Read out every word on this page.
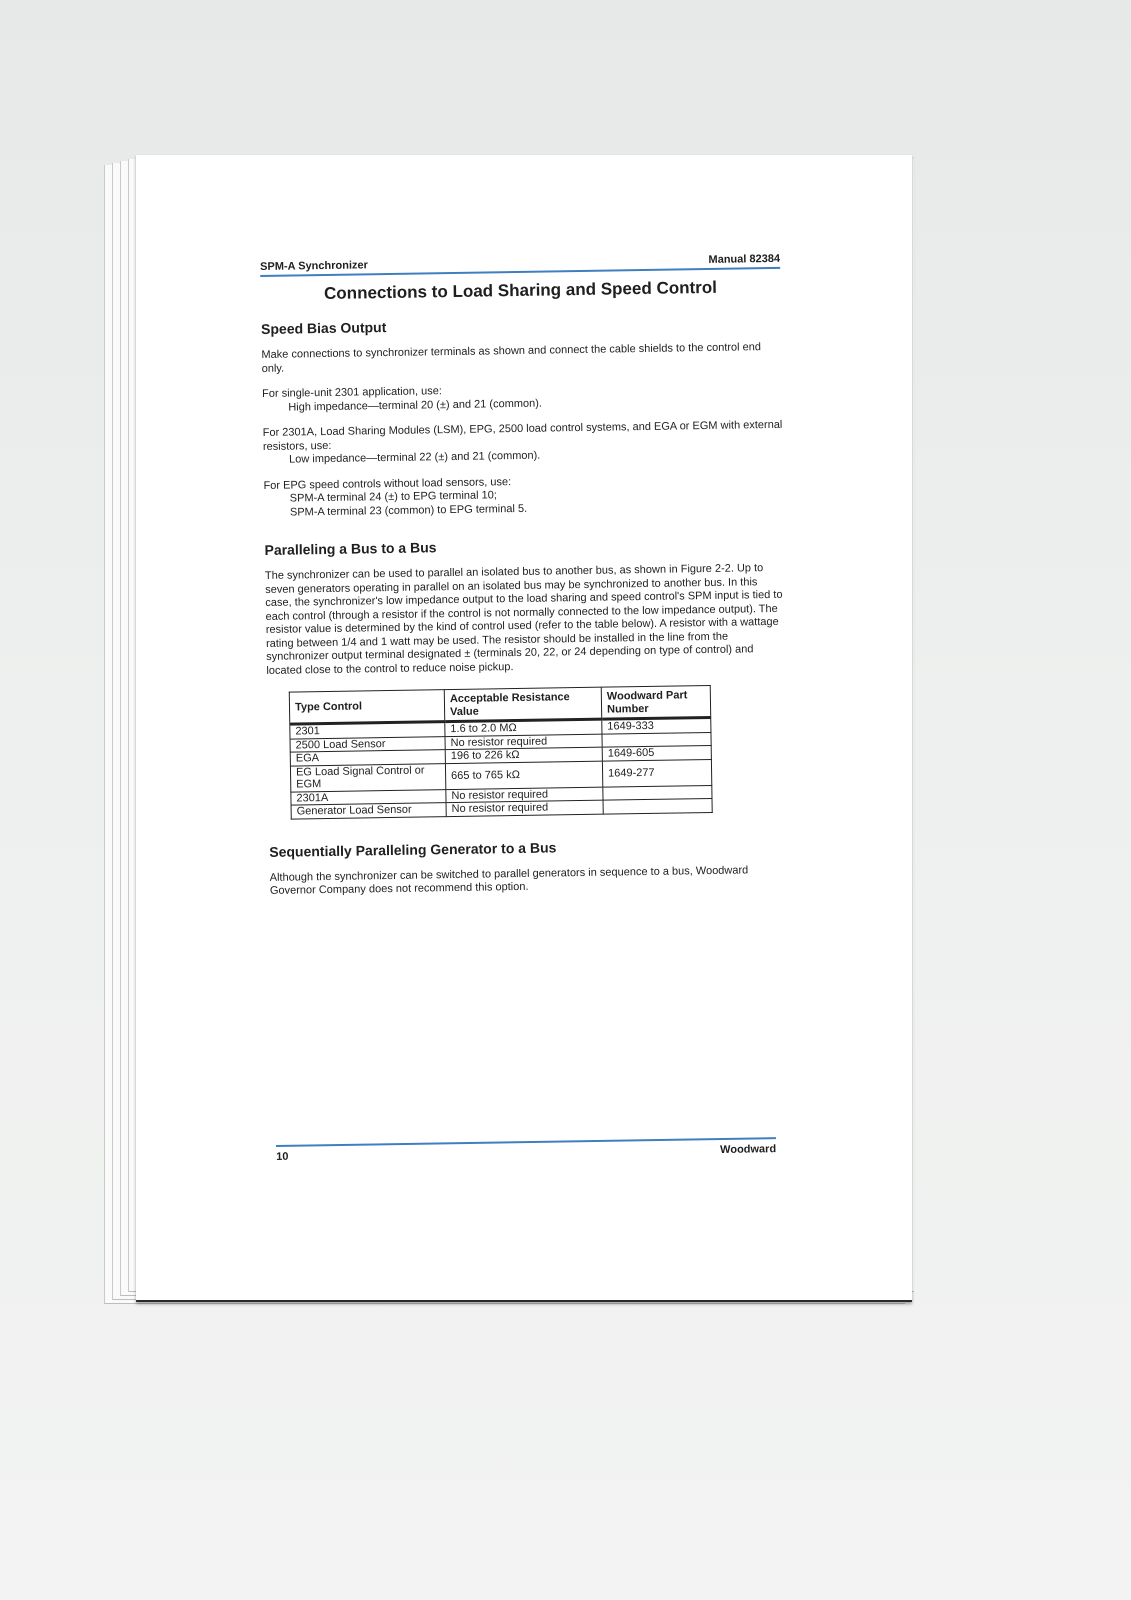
SPM-A Synchronizer	Manual 82384
Connections to Load Sharing and Speed Control
Speed Bias Output

Make connections to synchronizer terminals as shown and connect the cable shields to the control end only.

For single-unit 2301 application, use:
High impedance—terminal 20 (±) and 21 (common).

For 2301A, Load Sharing Modules (LSM), EPG, 2500 load control systems, and EGA or EGM with external resistors, use:
Low impedance—terminal 22 (±) and 21 (common).

For EPG speed controls without load sensors, use:
SPM-A terminal 24 (±) to EPG terminal 10;
SPM-A terminal 23 (common) to EPG terminal 5.

Paralleling a Bus to a Bus

The synchronizer can be used to parallel an isolated bus to another bus, as shown in Figure 2-2. Up to seven generators operating in parallel on an isolated bus may be synchronized to another bus. In this case, the synchronizer's low impedance output to the load sharing and speed control's SPM input is tied to each control (through a resistor if the control is not normally connected to the low impedance output). The resistor value is determined by the kind of control used (refer to the table below). A resistor with a wattage rating between 1/4 and 1 watt may be used. The resistor should be installed in the line from the synchronizer output terminal designated ± (terminals 20, 22, or 24 depending on type of control) and located close to the control to reduce noise pickup.

Type Control	Acceptable Resistance Value	Woodward Part Number
2301	1.6 to 2.0 MΩ	1649-333
2500 Load Sensor	No resistor required	
EGA	196 to 226 kΩ	1649-605
EG Load Signal Control or EGM	665 to 765 kΩ	1649-277
2301A	No resistor required	
Generator Load Sensor	No resistor required	
Sequentially Paralleling Generator to a Bus

Although the synchronizer can be switched to parallel generators in sequence to a bus, Woodward Governor Company does not recommend this option.

10
Woodward
